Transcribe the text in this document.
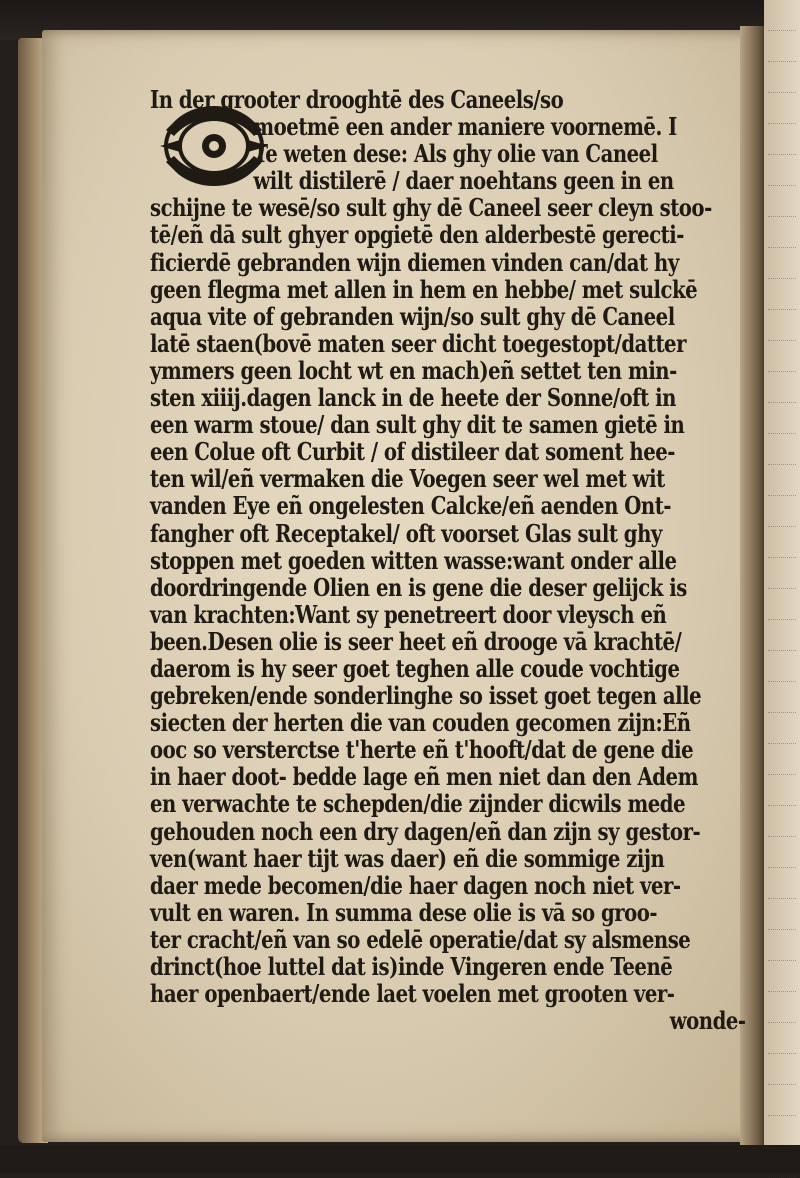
In der grooter drooghtē des Caneels/so
moetmē een ander maniere voornemē. I
Te weten dese: Als ghy olie van Caneel
wilt distilerē / daer noehtans geen in en
schijne te wesē/so sult ghy dē Caneel seer cleyn stoo-
tē/eñ dā sult ghyer opgietē den alderbestē gerecti-
ficierdē gebranden wijn diemen vinden can/dat hy
geen flegma met allen in hem en hebbe/ met sulckē
aqua vite of gebranden wijn/so sult ghy dē Caneel
latē staen(bovē maten seer dicht toegestopt/datter
ymmers geen locht wt en mach)eñ settet ten min-
sten xiiij.dagen lanck in de heete der Sonne/oft in
een warm stoue/ dan sult ghy dit te samen gietē in
een Colue oft Curbit / of distileer dat soment hee-
ten wil/eñ vermaken die Voegen seer wel met wit
vanden Eye eñ ongelesten Calcke/eñ aenden Ont-
fangher oft Receptakel/ oft voorset Glas sult ghy
stoppen met goeden witten wasse:want onder alle
doordringende Olien en is gene die deser gelijck is
van krachten:Want sy penetreert door vleysch eñ
been.Desen olie is seer heet eñ drooge vā krachtē/
daerom is hy seer goet teghen alle coude vochtige
gebreken/ende sonderlinghe so isset goet tegen alle
siecten der herten die van couden gecomen zijn:Eñ
ooc so versterctse t'herte eñ t'hooft/dat de gene die
in haer doot- bedde lage eñ men niet dan den Adem
en verwachte te schepden/die zijnder dicwils mede
gehouden noch een dry dagen/eñ dan zijn sy gestor-
ven(want haer tijt was daer) eñ die sommige zijn
daer mede becomen/die haer dagen noch niet ver-
vult en waren. In summa dese olie is vā so groo-
ter cracht/eñ van so edelē operatie/dat sy alsmense
drinct(hoe luttel dat is)inde Vingeren ende Teenē
haer openbaert/ende laet voelen met grooten ver-
wonde-
